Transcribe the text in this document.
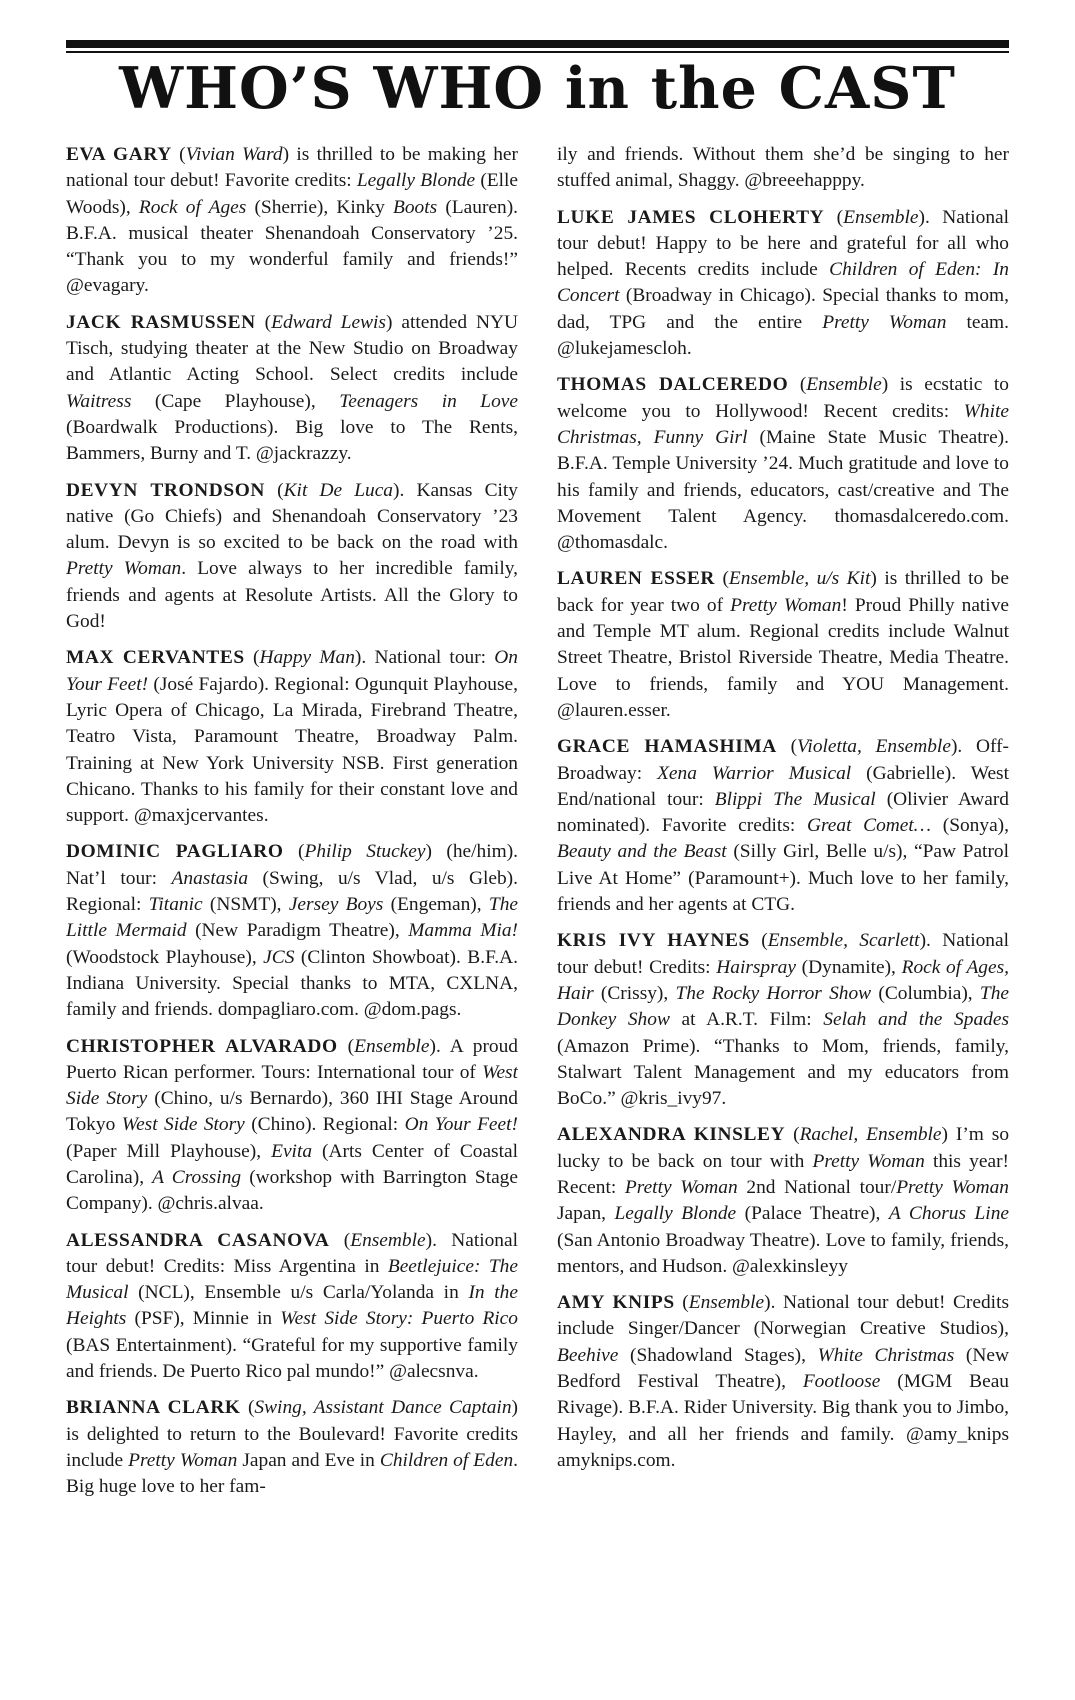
WHO’S WHO in the CAST

EVA GARY (Vivian Ward) is thrilled to be making her national tour debut! Favorite credits: Legally Blonde (Elle Woods), Rock of Ages (Sherrie), Kinky Boots (Lauren). B.F.A. musical theater Shenandoah Conservatory ’25. “Thank you to my wonderful family and friends!” @evagary.

JACK RASMUSSEN (Edward Lewis) attended NYU Tisch, studying theater at the New Studio on Broadway and Atlantic Acting School. Select credits include Waitress (Cape Playhouse), Teenagers in Love (Boardwalk Productions). Big love to The Rents, Bammers, Burny and T. @jackrazzy.

DEVYN TRONDSON (Kit De Luca). Kansas City native (Go Chiefs) and Shenandoah Conservatory ’23 alum. Devyn is so excited to be back on the road with Pretty Woman. Love always to her incredible family, friends and agents at Resolute Artists. All the Glory to God!

MAX CERVANTES (Happy Man). National tour: On Your Feet! (José Fajardo). Regional: Ogunquit Playhouse, Lyric Opera of Chicago, La Mirada, Firebrand Theatre, Teatro Vista, Paramount Theatre, Broadway Palm. Training at New York University NSB. First generation Chicano. Thanks to his family for their constant love and support. @maxjcervantes.

DOMINIC PAGLIARO (Philip Stuckey) (he/him). Nat’l tour: Anastasia (Swing, u/s Vlad, u/s Gleb). Regional: Titanic (NSMT), Jersey Boys (Engeman), The Little Mermaid (New Paradigm Theatre), Mamma Mia! (Woodstock Playhouse), JCS (Clinton Showboat). B.F.A. Indiana University. Special thanks to MTA, CXLNA, family and friends. dompagliaro.com. @dom.pags.

CHRISTOPHER ALVARADO (Ensemble). A proud Puerto Rican performer. Tours: International tour of West Side Story (Chino, u/s Bernardo), 360 IHI Stage Around Tokyo West Side Story (Chino). Regional: On Your Feet! (Paper Mill Playhouse), Evita (Arts Center of Coastal Carolina), A Crossing (workshop with Barrington Stage Company). @chris.alvaa.

ALESSANDRA CASANOVA (Ensemble). National tour debut! Credits: Miss Argentina in Beetlejuice: The Musical (NCL), Ensemble u/s Carla/Yolanda in In the Heights (PSF), Minnie in West Side Story: Puerto Rico (BAS Entertainment). “Grateful for my supportive family and friends. De Puerto Rico pal mundo!” @alecsnva.

BRIANNA CLARK (Swing, Assistant Dance Captain) is delighted to return to the Boulevard! Favorite credits include Pretty Woman Japan and Eve in Children of Eden. Big huge love to her fam-

ily and friends. Without them she’d be singing to her stuffed animal, Shaggy. @breeehapppy.

LUKE JAMES CLOHERTY (Ensemble). National tour debut! Happy to be here and grateful for all who helped. Recents credits include Children of Eden: In Concert (Broadway in Chicago). Special thanks to mom, dad, TPG and the entire Pretty Woman team. @lukejamescloh.

THOMAS DALCEREDO (Ensemble) is ecstatic to welcome you to Hollywood! Recent credits: White Christmas, Funny Girl (Maine State Music Theatre). B.F.A. Temple University ’24. Much gratitude and love to his family and friends, educators, cast/creative and The Movement Talent Agency. thomasdalceredo.com. @thomasdalc.

LAUREN ESSER (Ensemble, u/s Kit) is thrilled to be back for year two of Pretty Woman! Proud Philly native and Temple MT alum. Regional credits include Walnut Street Theatre, Bristol Riverside Theatre, Media Theatre. Love to friends, family and YOU Management. @lauren.esser.

GRACE HAMASHIMA (Violetta, Ensemble). Off-Broadway: Xena Warrior Musical (Gabrielle). West End/national tour: Blippi The Musical (Olivier Award nominated). Favorite credits: Great Comet… (Sonya), Beauty and the Beast (Silly Girl, Belle u/s), “Paw Patrol Live At Home” (Paramount+). Much love to her family, friends and her agents at CTG.

KRIS IVY HAYNES (Ensemble, Scarlett). National tour debut! Credits: Hairspray (Dynamite), Rock of Ages, Hair (Crissy), The Rocky Horror Show (Columbia), The Donkey Show at A.R.T. Film: Selah and the Spades (Amazon Prime). “Thanks to Mom, friends, family, Stalwart Talent Management and my educators from BoCo.” @kris_ivy97.

ALEXANDRA KINSLEY (Rachel, Ensemble) I’m so lucky to be back on tour with Pretty Woman this year! Recent: Pretty Woman 2nd National tour/Pretty Woman Japan, Legally Blonde (Palace Theatre), A Chorus Line (San Antonio Broadway Theatre). Love to family, friends, mentors, and Hudson. @alexkinsleyy

AMY KNIPS (Ensemble). National tour debut! Credits include Singer/Dancer (Norwegian Creative Studios), Beehive (Shadowland Stages), White Christmas (New Bedford Festival Theatre), Footloose (MGM Beau Rivage). B.F.A. Rider University. Big thank you to Jimbo, Hayley, and all her friends and family. @amy_knips amyknips.com.
